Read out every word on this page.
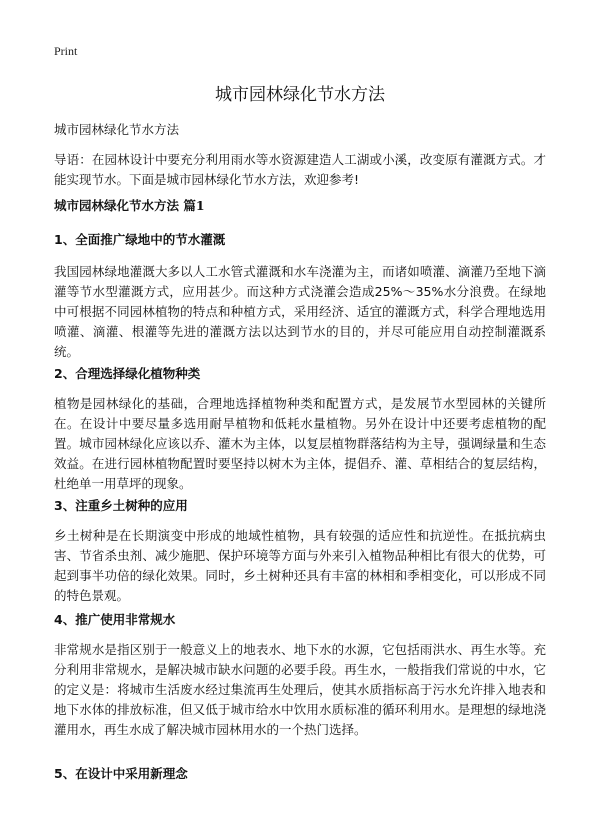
Print
城市园林绿化节水方法

城市园林绿化节水方法

导语：在园林设计中要充分利用雨水等水资源建造人工湖或小溪，改变原有灌溉方式。才能实现节水。下面是城市园林绿化节水方法，欢迎参考!

城市园林绿化节水方法 篇1

1、全面推广绿地中的节水灌溉

我国园林绿地灌溉大多以人工水管式灌溉和水车浇灌为主，而诸如喷灌、滴灌乃至地下滴灌等节水型灌溉方式，应用甚少。而这种方式浇灌会造成25%～35%水分浪费。在绿地中可根据不同园林植物的特点和种植方式，采用经济、适宜的灌溉方式，科学合理地选用喷灌、滴灌、根灌等先进的灌溉方法以达到节水的目的，并尽可能应用自动控制灌溉系统。

2、合理选择绿化植物种类

植物是园林绿化的基础，合理地选择植物种类和配置方式，是发展节水型园林的关键所在。在设计中要尽量多选用耐旱植物和低耗水量植物。另外在设计中还要考虑植物的配置。城市园林绿化应该以乔、灌木为主体，以复层植物群落结构为主导，强调绿量和生态效益。在进行园林植物配置时要坚持以树木为主体，提倡乔、灌、草相结合的复层结构，杜绝单一用草坪的现象。

3、注重乡土树种的应用

乡土树种是在长期演变中形成的地域性植物，具有较强的适应性和抗逆性。在抵抗病虫害、节省杀虫剂、减少施肥、保护环境等方面与外来引入植物品种相比有很大的优势，可起到事半功倍的绿化效果。同时，乡土树种还具有丰富的林相和季相变化，可以形成不同的特色景观。

4、推广使用非常规水

非常规水是指区别于一般意义上的地表水、地下水的水源，它包括雨洪水、再生水等。充分利用非常规水，是解决城市缺水问题的必要手段。再生水，一般指我们常说的中水，它的定义是：将城市生活废水经过集流再生处理后，使其水质指标高于污水允许排入地表和地下水体的排放标准，但又低于城市给水中饮用水质标准的循环利用水。是理想的绿地浇灌用水，再生水成了解决城市园林用水的一个热门选择。

5、在设计中采用新理念
